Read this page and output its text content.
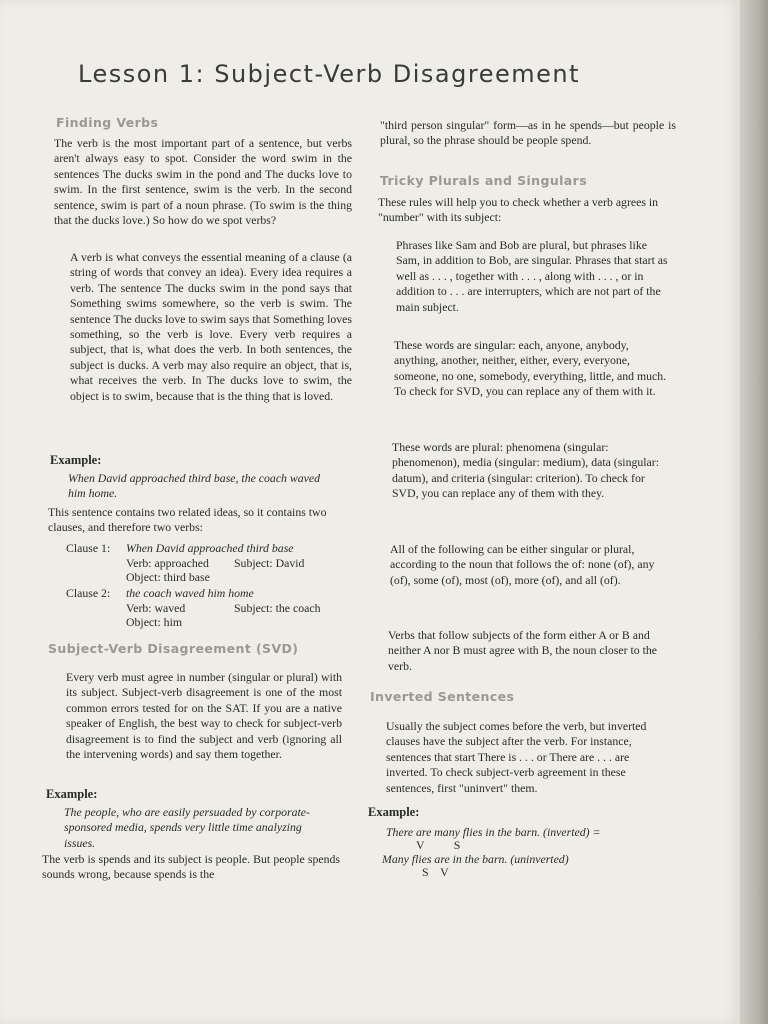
Lesson 1: Subject-Verb Disagreement
Finding Verbs
The verb is the most important part of a sentence, but verbs aren't always easy to spot. Consider the word swim in the sentences The ducks swim in the pond and The ducks love to swim. In the first sentence, swim is the verb. In the second sentence, swim is part of a noun phrase. (To swim is the thing that the ducks love.) So how do we spot verbs?
A verb is what conveys the essential meaning of a clause (a string of words that convey an idea). Every idea requires a verb. The sentence The ducks swim in the pond says that Something swims somewhere, so the verb is swim. The sentence The ducks love to swim says that Something loves something, so the verb is love. Every verb requires a subject, that is, what does the verb. In both sentences, the subject is ducks. A verb may also require an object, that is, what receives the verb. In The ducks love to swim, the object is to swim, because that is the thing that is loved.
Example:
When David approached third base, the coach waved him home.
This sentence contains two related ideas, so it contains two clauses, and therefore two verbs:
Clause 1: When David approached third base
Verb: approached Subject: David
Object: third base
Clause 2: the coach waved him home
Verb: waved	Subject: the coach
Object: him
Subject-Verb Disagreement (SVD)
Every verb must agree in number (singular or plural) with its subject. Subject-verb disagreement is one of the most common errors tested for on the SAT. If you are a native speaker of English, the best way to check for subject-verb disagreement is to find the subject and verb (ignoring all the intervening words) and say them together.
Example:
The people, who are easily persuaded by corporate-sponsored media, spends very little time analyzing issues.
The verb is spends and its subject is people. But people spends sounds wrong, because spends is the
"third person singular" form—as in he spends—but people is plural, so the phrase should be people spend.
Tricky Plurals and Singulars
These rules will help you to check whether a verb agrees in "number" with its subject:
Phrases like Sam and Bob are plural, but phrases like Sam, in addition to Bob, are singular. Phrases that start as well as . . . , together with . . . , along with . . . , or in addition to . . . are interrupters, which are not part of the main subject.
These words are singular: each, anyone, anybody, anything, another, neither, either, every, everyone, someone, no one, somebody, everything, little, and much. To check for SVD, you can replace any of them with it.
These words are plural: phenomena (singular: phenomenon), media (singular: medium), data (singular: datum), and criteria (singular: criterion). To check for SVD, you can replace any of them with they.
All of the following can be either singular or plural, according to the noun that follows the of: none (of), any (of), some (of), most (of), more (of), and all (of).
Verbs that follow subjects of the form either A or B and neither A nor B must agree with B, the noun closer to the verb.
Inverted Sentences
Usually the subject comes before the verb, but inverted clauses have the subject after the verb. For instance, sentences that start There is . . . or There are . . . are inverted. To check subject-verb agreement in these sentences, first "uninvert" them.
Example:
There are many flies in the barn. (inverted) =
V          S
Many flies are in the barn. (uninverted)
S    V
